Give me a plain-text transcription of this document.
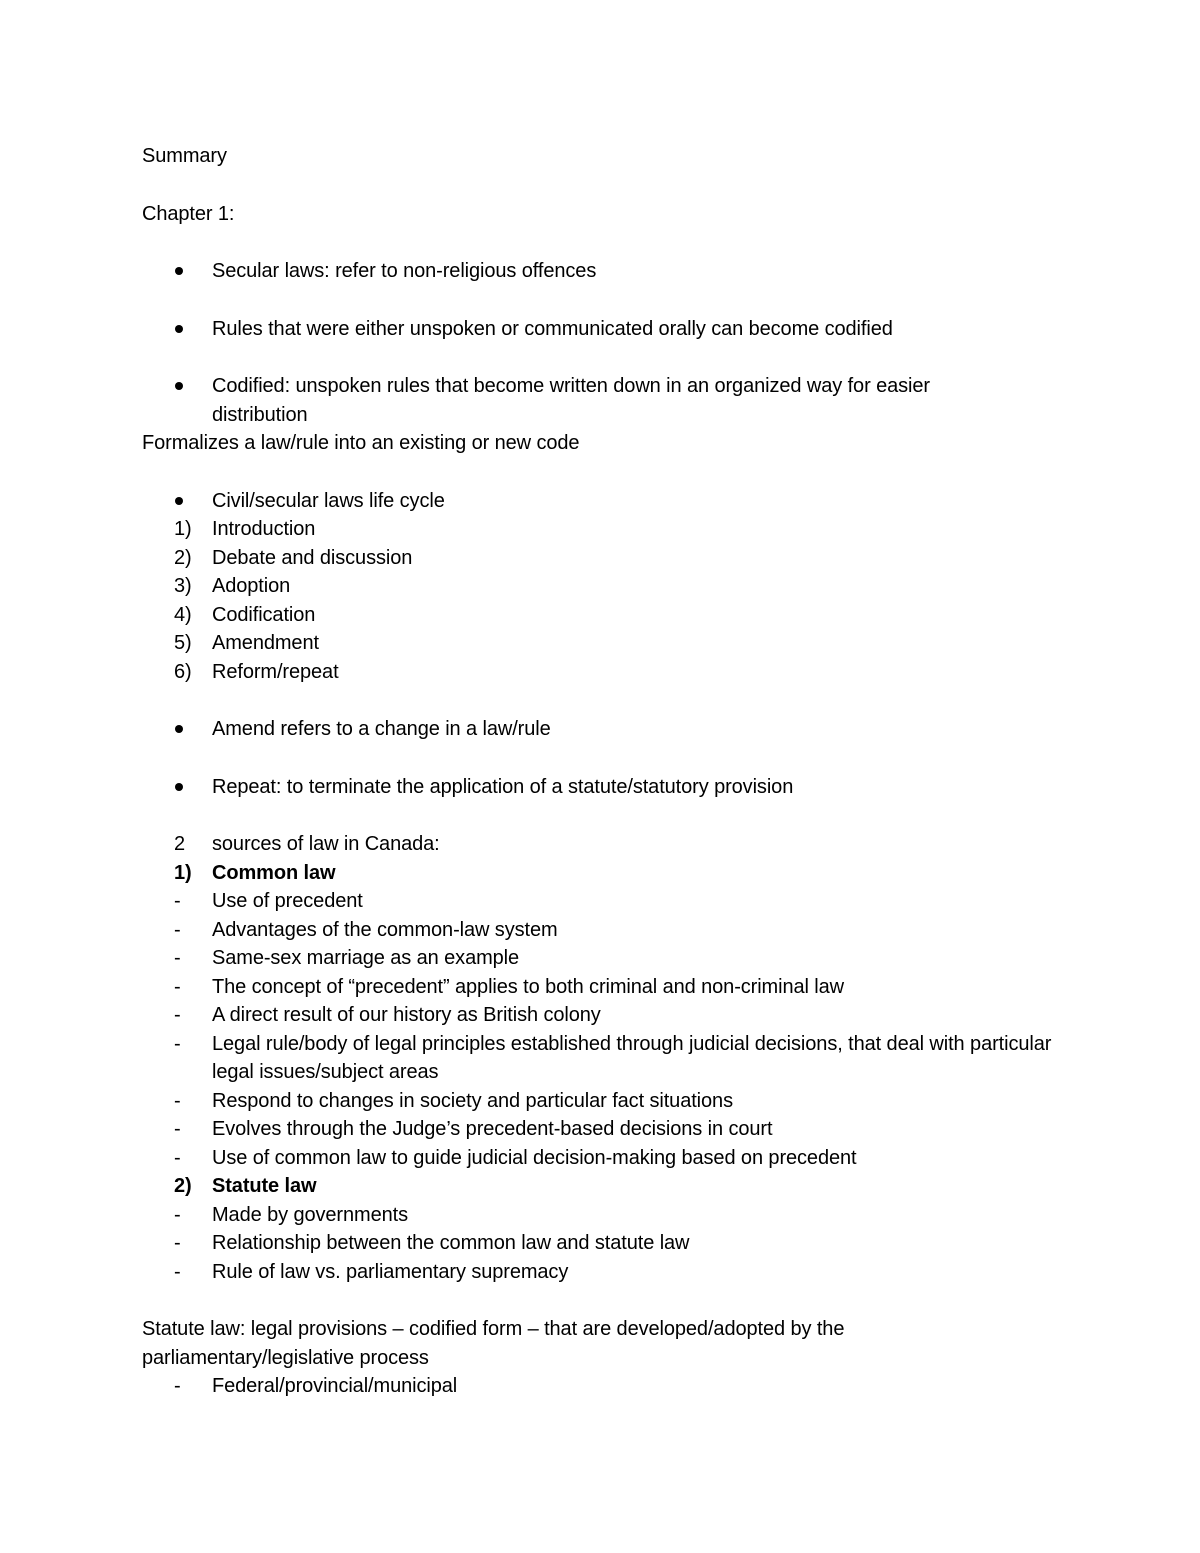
Summary
Chapter 1:
Secular laws: refer to non-religious offences
Rules that were either unspoken or communicated orally can become codified
Codified: unspoken rules that become written down in an organized way for easier distribution
Formalizes a law/rule into an existing or new code
Civil/secular laws life cycle
1) Introduction
2) Debate and discussion
3) Adoption
4) Codification
5) Amendment
6) Reform/repeat
Amend refers to a change in a law/rule
Repeat: to terminate the application of a statute/statutory provision
2 sources of law in Canada:
1) Common law
- Use of precedent
- Advantages of the common-law system
- Same-sex marriage as an example
- The concept of “precedent” applies to both criminal and non-criminal law
- A direct result of our history as British colony
- Legal rule/body of legal principles established through judicial decisions, that deal with particular legal issues/subject areas
- Respond to changes in society and particular fact situations
- Evolves through the Judge’s precedent-based decisions in court
- Use of common law to guide judicial decision-making based on precedent
2) Statute law
- Made by governments
- Relationship between the common law and statute law
- Rule of law vs. parliamentary supremacy
Statute law: legal provisions – codified form – that are developed/adopted by the parliamentary/legislative process
- Federal/provincial/municipal
